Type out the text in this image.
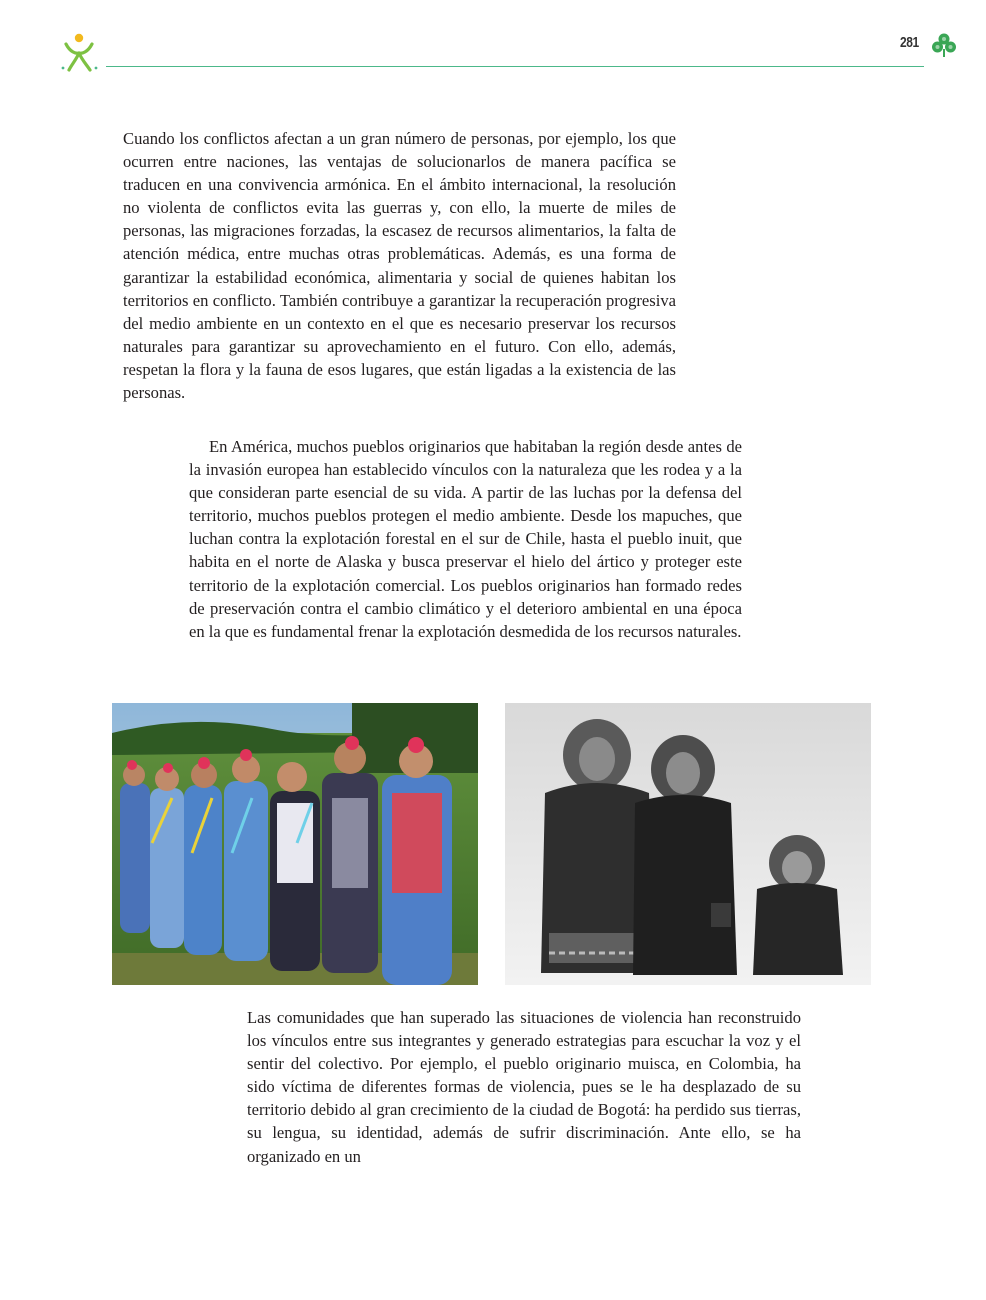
281

Cuando los conflictos afectan a un gran número de personas, por ejemplo, los que ocurren entre naciones, las ventajas de solucionarlos de manera pacífica se traducen en una convivencia armónica. En el ámbito internacional, la resolución no violenta de conflictos evita las guerras y, con ello, la muerte de miles de personas, las migraciones forzadas, la escasez de recursos alimentarios, la falta de atención médica, entre muchas otras problemáticas. Además, es una forma de garantizar la estabilidad económica, alimentaria y social de quienes habitan los territorios en conflicto. También contribuye a garantizar la recuperación progresiva del medio ambiente en un contexto en el que es necesario preservar los recursos naturales para garantizar su aprovechamiento en el futuro. Con ello, además, respetan la flora y la fauna de esos lugares, que están ligadas a la existencia de las personas.

En América, muchos pueblos originarios que habitaban la región desde antes de la invasión europea han establecido vínculos con la naturaleza que les rodea y a la que consideran parte esencial de su vida. A partir de las luchas por la defensa del territorio, muchos pueblos protegen el medio ambiente. Desde los mapuches, que luchan contra la explotación forestal en el sur de Chile, hasta el pueblo inuit, que habita en el norte de Alaska y busca preservar el hielo del ártico y proteger este territorio de la explotación comercial. Los pueblos originarios han formado redes de preservación contra el cambio climático y el deterioro ambiental en una época en la que es fundamental frenar la explotación desmedida de los recursos naturales.

Las comunidades que han superado las situaciones de violencia han reconstruido los vínculos entre sus integrantes y generado estrategias para escuchar la voz y el sentir del colectivo. Por ejemplo, el pueblo originario muisca, en Colombia, ha sido víctima de diferentes formas de violencia, pues se le ha desplazado de su territorio debido al gran crecimiento de la ciudad de Bogotá: ha perdido sus tierras, su lengua, su identidad, además de sufrir discriminación. Ante ello, se ha organizado en un
